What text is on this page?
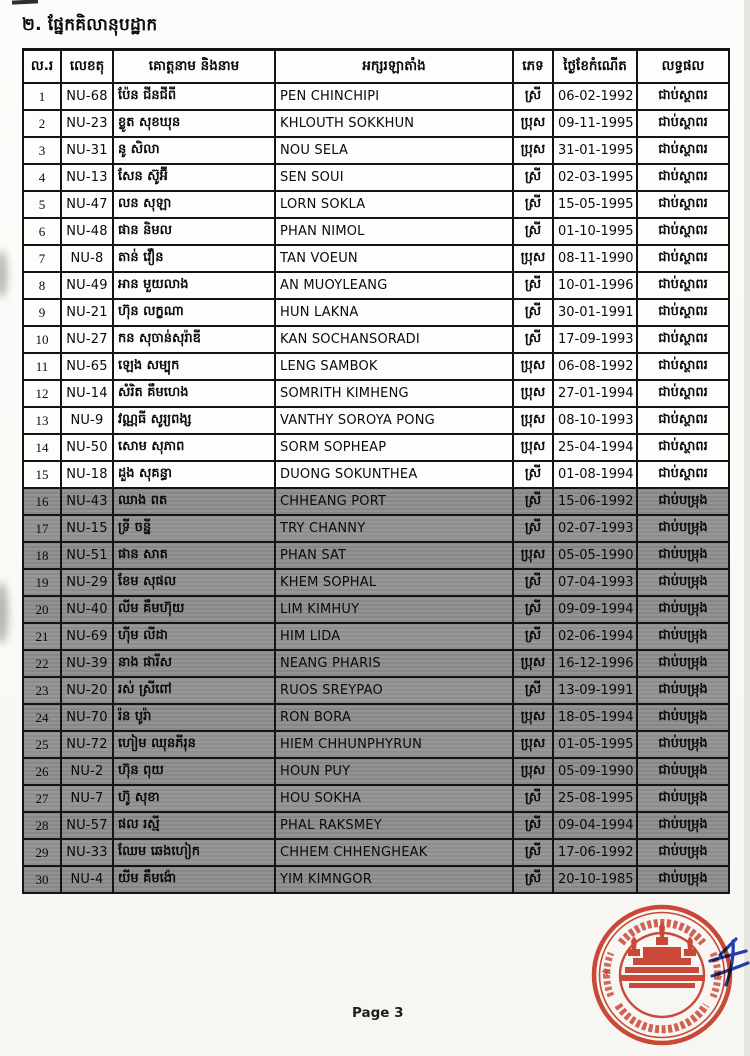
២. ផ្នែកគិលានុបដ្ឋាក
ល.រ	លេខតុ	គោត្តនាម និងនាម	អក្សរឡាតាំង	ភេទ	ថ្ងៃខែកំណើត	លទ្ធផល
1	NU-68	ប៉ែន ជីនជីពី	PEN CHINCHIPI	ស្រី	06-02-1992	ជាប់ស្ថាពរ
2	NU-23	ខ្លូត សុខឃុន	KHLOUTH SOKKHUN	ប្រុស	09-11-1995	ជាប់ស្ថាពរ
3	NU-31	នូ សិលា	NOU SELA	ប្រុស	31-01-1995	ជាប់ស្ថាពរ
4	NU-13	សែន ស៊ូអ៊ី	SEN SOUI	ស្រី	02-03-1995	ជាប់ស្ថាពរ
5	NU-47	លន សុឡា	LORN SOKLA	ស្រី	15-05-1995	ជាប់ស្ថាពរ
6	NU-48	ផាន និមល	PHAN NIMOL	ស្រី	01-10-1995	ជាប់ស្ថាពរ
7	NU-8	តាន់ វឿន	TAN VOEUN	ប្រុស	08-11-1990	ជាប់ស្ថាពរ
8	NU-49	អាន មួយលាង	AN MUOYLEANG	ស្រី	10-01-1996	ជាប់ស្ថាពរ
9	NU-21	ហ៊ុន លក្ខណា	HUN LAKNA	ស្រី	30-01-1991	ជាប់ស្ថាពរ
10	NU-27	កន សុចាន់សុរ៉ាឌី	KAN SOCHANSORADI	ស្រី	17-09-1993	ជាប់ស្ថាពរ
11	NU-65	ឡេង សម្បុក	LENG SAMBOK	ប្រុស	06-08-1992	ជាប់ស្ថាពរ
12	NU-14	សំរិត គឹមហេង	SOMRITH KIMHENG	ប្រុស	27-01-1994	ជាប់ស្ថាពរ
13	NU-9	វណ្ណធី សូរ្យពង្ស	VANTHY SOROYA PONG	ប្រុស	08-10-1993	ជាប់ស្ថាពរ
14	NU-50	សោម សុភាព	SORM SOPHEAP	ប្រុស	25-04-1994	ជាប់ស្ថាពរ
15	NU-18	ដួង សុគន្ធា	DUONG SOKUNTHEA	ស្រី	01-08-1994	ជាប់ស្ថាពរ
16	NU-43	ឈាង ពត	CHHEANG PORT	ស្រី	15-06-1992	ជាប់បម្រុង
17	NU-15	ទ្រី ចន្នី	TRY CHANNY	ស្រី	02-07-1993	ជាប់បម្រុង
18	NU-51	ផាន សាត	PHAN SAT	ប្រុស	05-05-1990	ជាប់បម្រុង
19	NU-29	ខែម សុផល	KHEM SOPHAL	ស្រី	07-04-1993	ជាប់បម្រុង
20	NU-40	លីម គឹមហ៊ុយ	LIM KIMHUY	ស្រី	09-09-1994	ជាប់បម្រុង
21	NU-69	ហ៊ីម លីដា	HIM LIDA	ស្រី	02-06-1994	ជាប់បម្រុង
22	NU-39	នាង ផារីស	NEANG PHARIS	ប្រុស	16-12-1996	ជាប់បម្រុង
23	NU-20	រស់ ស្រីពៅ	RUOS SREYPAO	ស្រី	13-09-1991	ជាប់បម្រុង
24	NU-70	រ៉ន បូរ៉ា	RON BORA	ប្រុស	18-05-1994	ជាប់បម្រុង
25	NU-72	ហៀម ឈុនភីរុន	HIEM CHHUNPHYRUN	ប្រុស	01-05-1995	ជាប់បម្រុង
26	NU-2	ហ៊ុន ពុយ	HOUN PUY	ប្រុស	05-09-1990	ជាប់បម្រុង
27	NU-7	ហ៊ូ សុខា	HOU SOKHA	ស្រី	25-08-1995	ជាប់បម្រុង
28	NU-57	ផល រស្មី	PHAL RAKSMEY	ស្រី	09-04-1994	ជាប់បម្រុង
29	NU-33	ឈែម ឆេងហៀក	CHHEM CHHENGHEAK	ស្រី	17-06-1992	ជាប់បម្រុង
30	NU-4	យីម គឹមង៉ោ	YIM KIMNGOR	ស្រី	20-10-1985	ជាប់បម្រុង
*	*
Page 3
